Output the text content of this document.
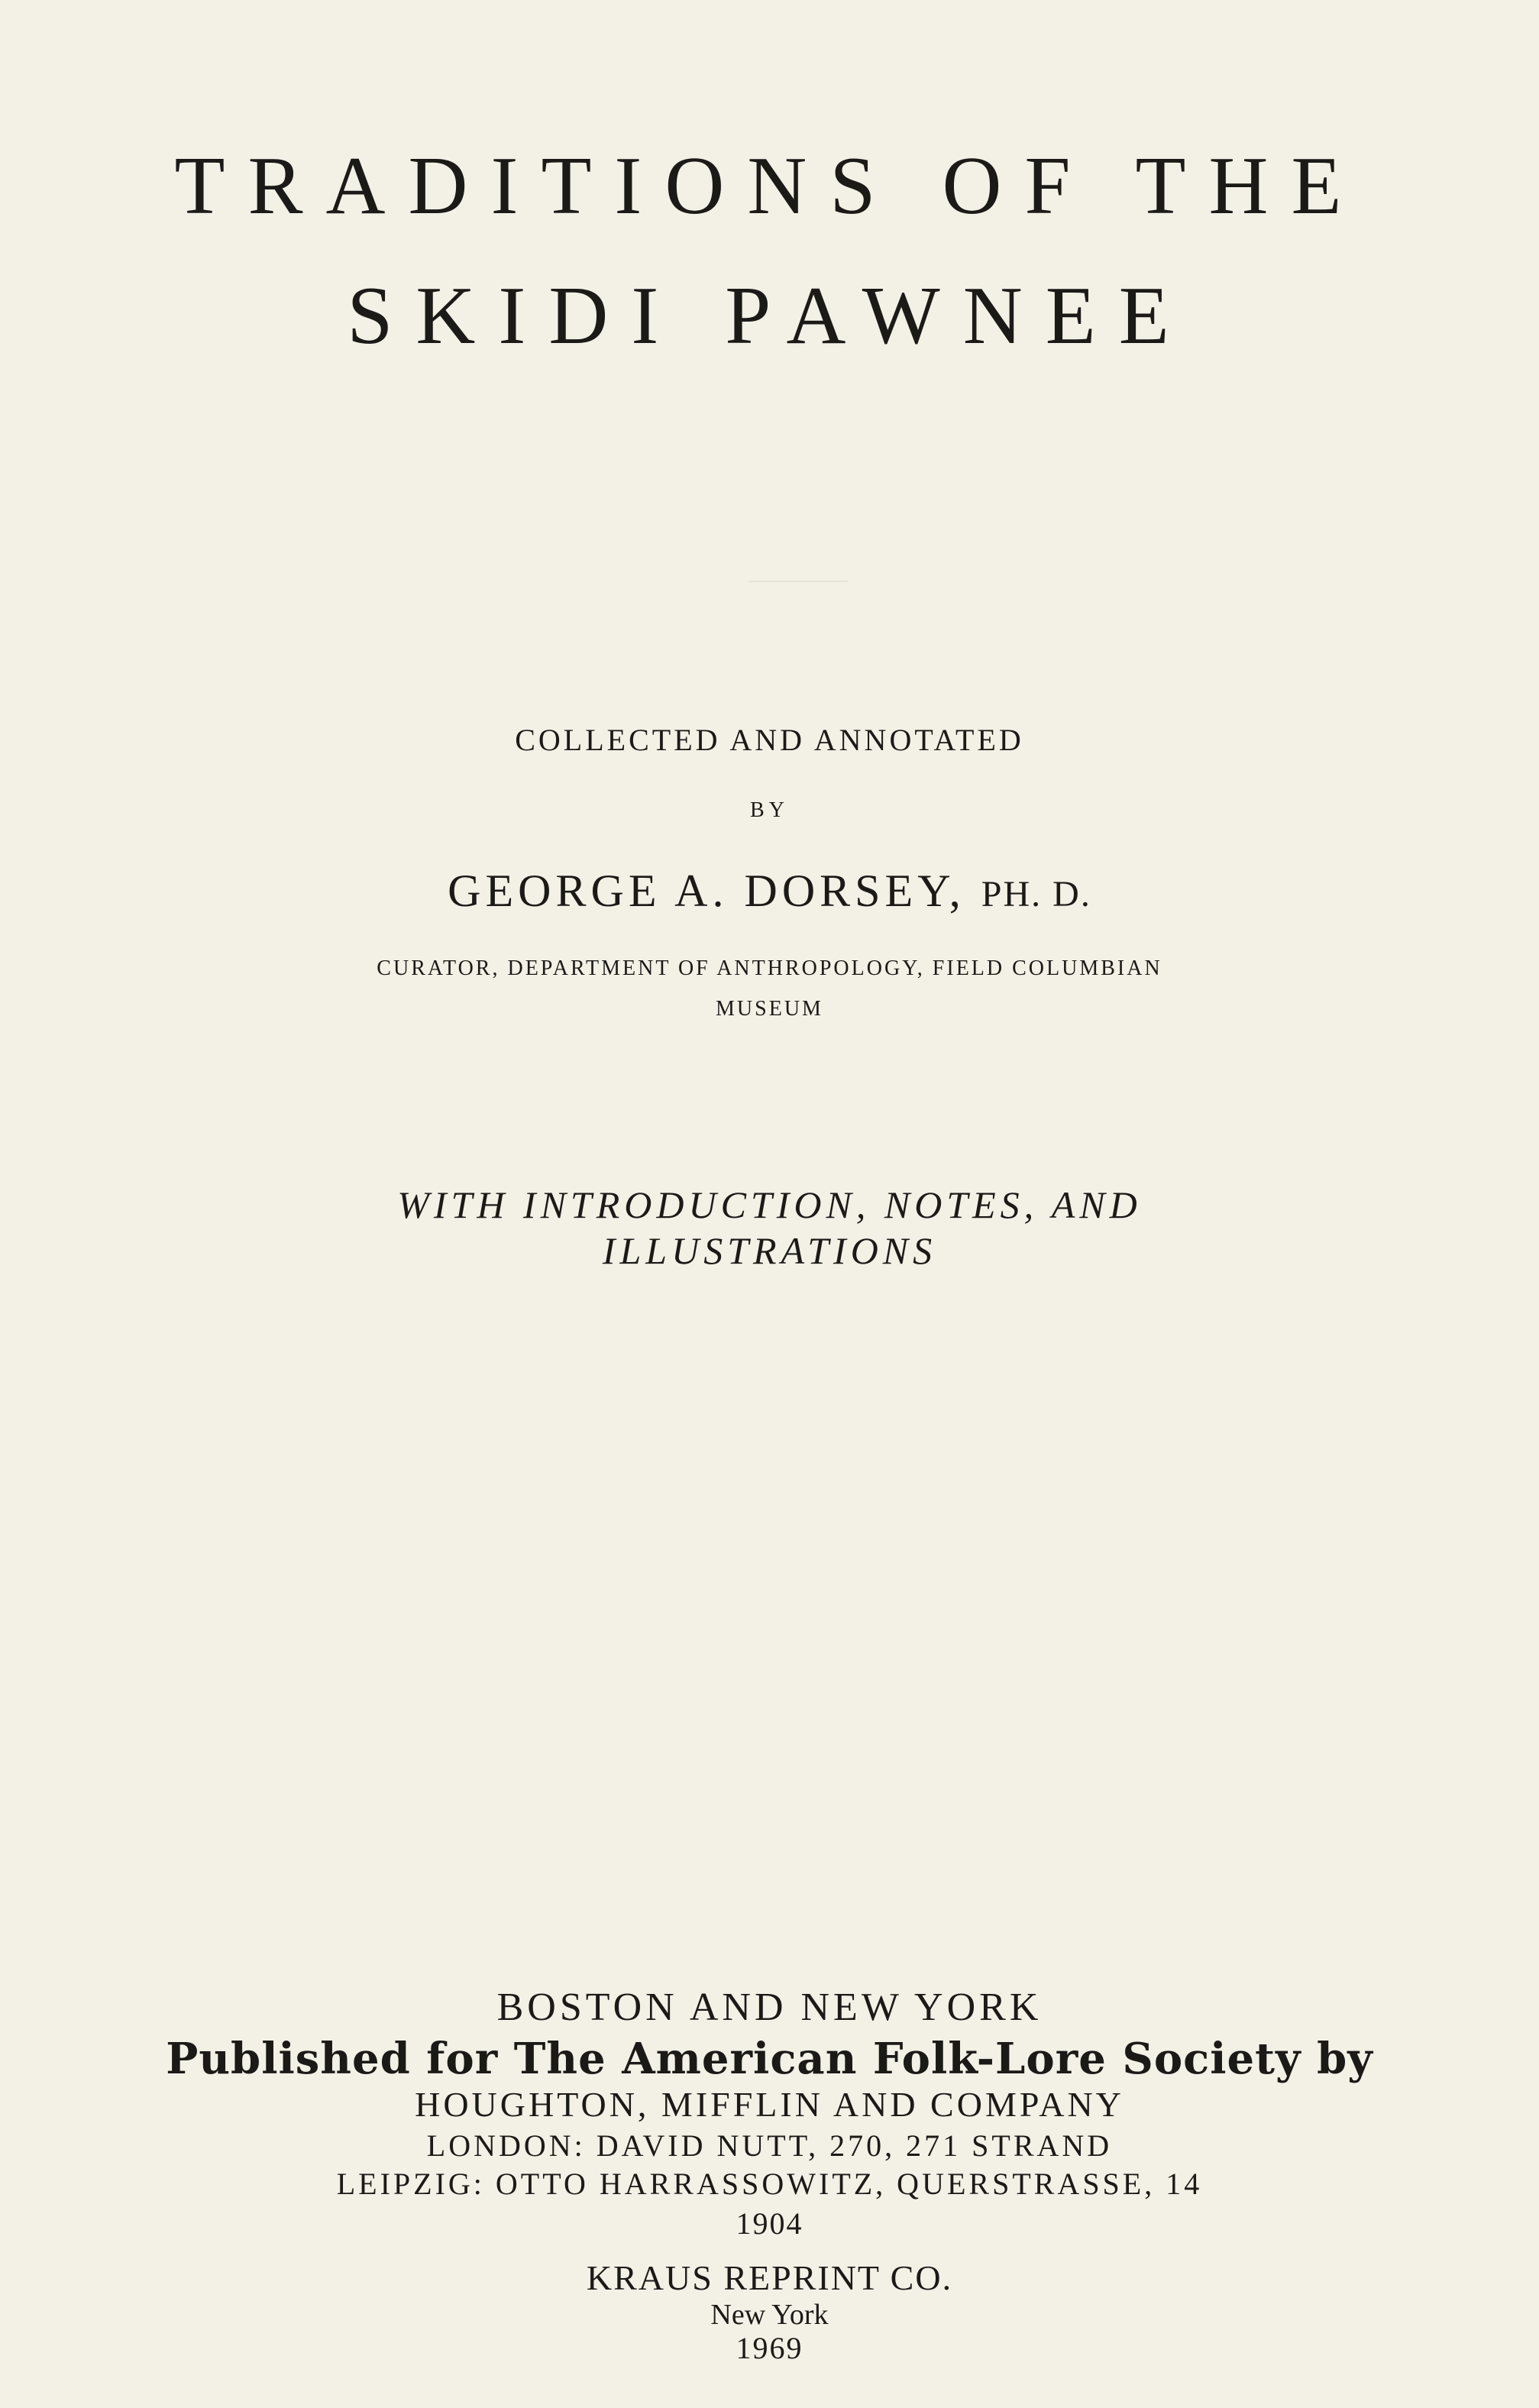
TRADITIONS OF THE
SKIDI PAWNEE
COLLECTED AND ANNOTATED
BY
GEORGE A. DORSEY, PH. D.
CURATOR, DEPARTMENT OF ANTHROPOLOGY, FIELD COLUMBIAN
MUSEUM
WITH INTRODUCTION, NOTES, AND
ILLUSTRATIONS
BOSTON AND NEW YORK
Published for The American Folk-Lore Society by
HOUGHTON, MIFFLIN AND COMPANY
LONDON: DAVID NUTT, 270, 271 STRAND
LEIPZIG: OTTO HARRASSOWITZ, QUERSTRASSE, 14
1904
KRAUS REPRINT CO.
New York
1969
